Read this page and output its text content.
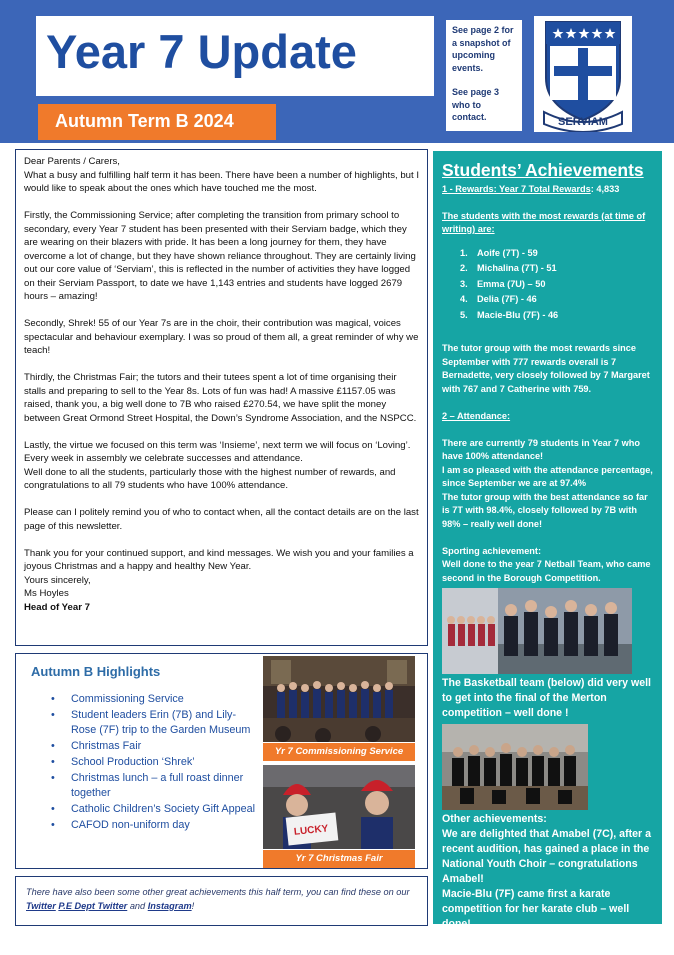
Year 7 Update
Autumn Term B 2024

See page 2 for a snapshot of upcoming events.

See page 3 who to contact.	SERVIAM
Dear Parents / Carers,

What a busy and fulfilling half term it has been. There have been a number of highlights, but I would like to speak about the ones which have touched me the most.

Firstly, the Commissioning Service; after completing the transition from primary school to secondary, every Year 7 student has been presented with their Serviam badge, which they are wearing on their blazers with pride. It has been a long journey for them, they have overcome a lot of change, but they have shown reliance throughout. They are certainly living out our core value of ‘Serviam’, this is reflected in the number of activities they have logged on their Serviam Passport, to date we have 1,143 entries and students have logged 2679 hours – amazing!

Secondly, Shrek! 55 of our Year 7s are in the choir, their contribution was magical, voices spectacular and behaviour exemplary. I was so proud of them all, a great reminder of why we teach!

Thirdly, the Christmas Fair; the tutors and their tutees spent a lot of time organising their stalls and preparing to sell to the Year 8s. Lots of fun was had! A massive £1157.05 was raised, thank you, a big well done to 7B who raised £270.54, we have split the money between Great Ormond Street Hospital, the Down’s Syndrome Association, and the NSPCC.

Lastly, the virtue we focused on this term was ‘Insieme’, next term we will focus on ‘Loving’. Every week in assembly we celebrate successes and attendance.

Well done to all the students, particularly those with the highest number of rewards, and congratulations to all 79 students who have 100% attendance.

Please can I politely remind you of who to contact when, all the contact details are on the last page of this newsletter.

Thank you for your continued support, and kind messages. We wish you and your families a joyous Christmas and a happy and healthy New Year.
Yours sincerely,
Ms Hoyles
Head of Year 7
Autumn B Highlights
• Commissioning Service
• Student leaders Erin (7B) and Lily-Rose (7F) trip to the Garden Museum
• Christmas Fair
• School Production ‘Shrek’
• Christmas lunch – a full roast dinner together
• Catholic Children’s Society Gift Appeal
• CAFOD non-uniform day
Yr 7 Commissioning Service
LUCKY
Yr 7 Christmas Fair
There have also been some other great achievements this half term, you can find these on our Twitter P.E Dept Twitter and Instagram!
Students’ Achievements
1 - Rewards: Year 7 Total Rewards: 4,833
The students with the most rewards (at time of writing) are:
1. Aoife (7T) - 59
2. Michalina (7T) - 51
3. Emma (7U) – 50
4. Delia (7F) - 46
5. Macie-Blu (7F) - 46
The tutor group with the most rewards since September with 777 rewards overall is 7 Bernadette, very closely followed by 7 Margaret with 767 and 7 Catherine with 759.
2 – Attendance:
There are currently 79 students in Year 7 who have 100% attendance!
I am so pleased with the attendance percentage, since September we are at 97.4%
The tutor group with the best attendance so far is 7T with 98.4%, closely followed by 7B with 98% – really well done!
Sporting achievement:
Well done to the year 7 Netball Team, who came second in the Borough Competition.
The Basketball team (below) did very well to get into the final of the Merton competition – well done !
Other achievements:
We are delighted that Amabel (7C), after a recent audition, has gained a place in the National Youth Choir – congratulations Amabel!
Macie-Blu (7F) came first a karate competition for her karate club – well done!
